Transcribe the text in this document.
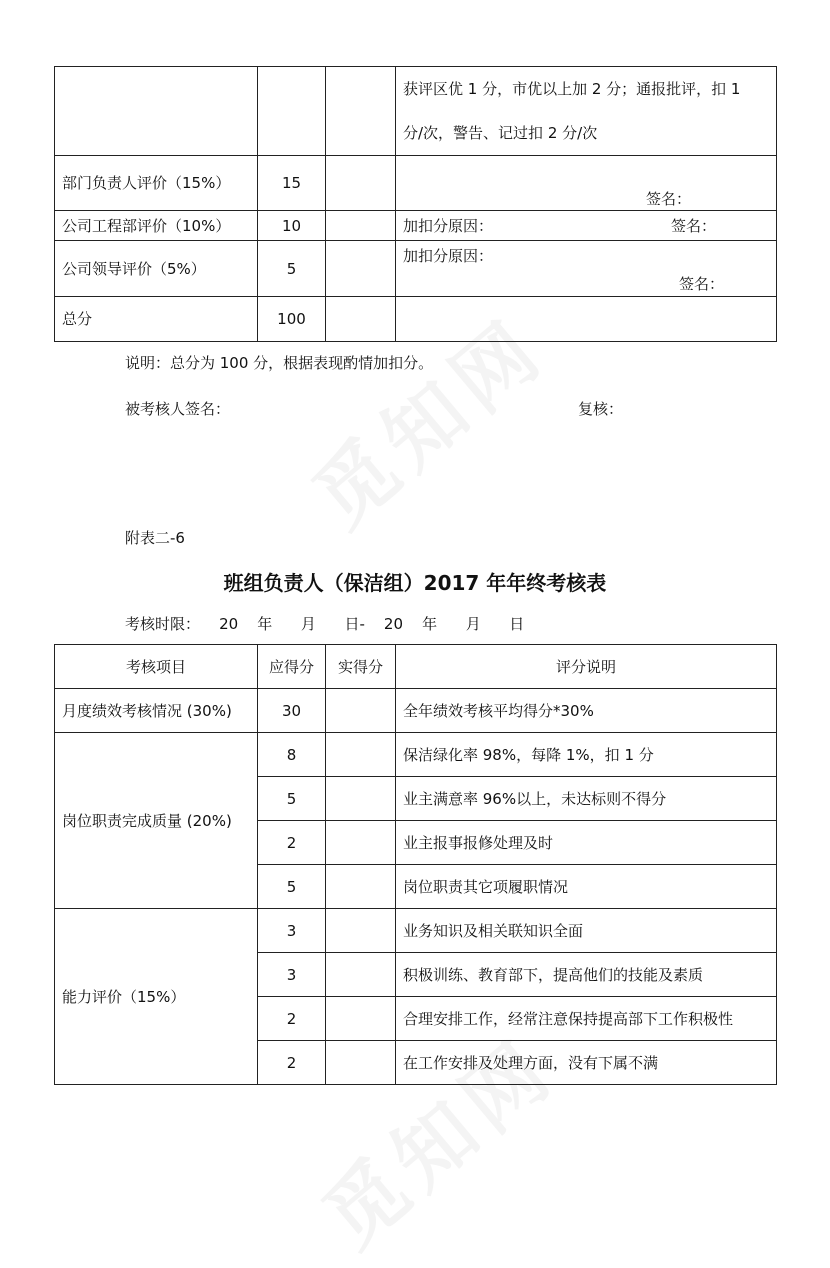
			获评区优 1 分，市优以上加 2 分；通报批评，扣 1
分/次，警告、记过扣 2 分/次

部门负责人评价（15%）	15		签名：

公司工程部评价（10%）	10		加扣分原因： 签名：

公司领导评价（5%）	5		加扣分原因：
签名：

总分	100		
说明：总分为 100 分，根据表现酌情加扣分。
被考核人签名：	复核：
附表二-6
班组负责人（保洁组）2017 年年终考核表
考核时限：    20    年      月      日-    20    年      月      日
考核项目	应得分	实得分	评分说明
月度绩效考核情况 (30%)	30		全年绩效考核平均得分*30%
岗位职责完成质量 (20%)	8		保洁绿化率 98%，每降 1%，扣 1 分
	5		业主满意率 96%以上，未达标则不得分
	2		业主报事报修处理及时
	5		岗位职责其它项履职情况
能力评价（15%）	3		业务知识及相关联知识全面
	3		积极训练、教育部下，提高他们的技能及素质
	2		合理安排工作，经常注意保持提高部下工作积极性
	2		在工作安排及处理方面，没有下属不满
